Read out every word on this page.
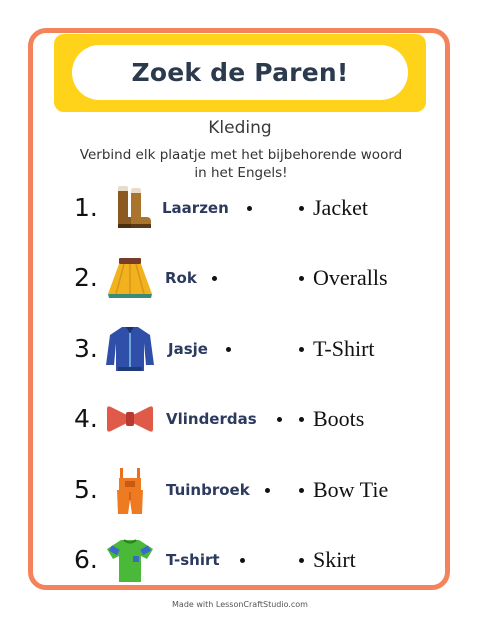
Zoek de Paren!
Kleding
Verbind elk plaatje met het bijbehorende woord in het Engels!
1.	Laarzen	Jacket
2.	Rok	Overalls
3.	Jasje	T-Shirt
4.	Vlinderdas	Boots
5.	Tuinbroek	Bow Tie
6.	T-shirt	Skirt
Made with LessonCraftStudio.com
